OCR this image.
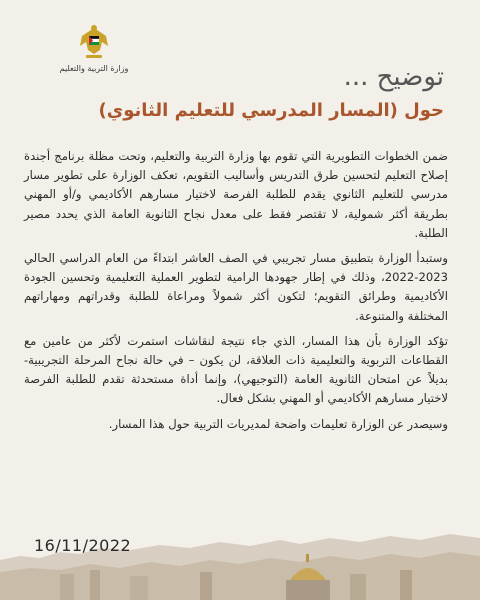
وزارة التربية والتعليم	توضيح ...
حول (المسار المدرسي للتعليم الثانوي)

ضمن الخطوات التطويرية التي تقوم بها وزارة التربية والتعليم، وتحت مظلة برنامج أجندة إصلاح التعليم لتحسين طرق التدريس وأساليب التقويم، تعكف الوزارة على تطوير مسار مدرسي للتعليم الثانوي يقدم للطلبة الفرصة لاختيار مسارهم الأكاديمي و/أو المهني بطريقة أكثر شمولية، لا تقتصر فقط على معدل نجاح الثانوية العامة الذي يحدد مصير الطلبة.

وستبدأ الوزارة بتطبيق مسار تجريبي في الصف العاشر ابتداءً من العام الدراسي الحالي 2023-2022، وذلك في إطار جهودها الرامية لتطوير العملية التعليمية وتحسين الجودة الأكاديمية وطرائق التقويم؛ لتكون أكثر شمولاً ومراعاة للطلبة وقدراتهم ومهاراتهم المختلفة والمتنوعة.

تؤكد الوزارة بأن هذا المسار، الذي جاء نتيجة لنقاشات استمرت لأكثر من عامين مع القطاعات التربوية والتعليمية ذات العلاقة، لن يكون – في حالة نجاح المرحلة التجريبية- بديلاً عن امتحان الثانوية العامة (التوجيهي)، وإنما أداة مستحدثة تقدم للطلبة الفرصة لاختيار مسارهم الأكاديمي أو المهني بشكل فعال.

وسيصدر عن الوزارة تعليمات واضحة لمديريات التربية حول هذا المسار.

16/11/2022
